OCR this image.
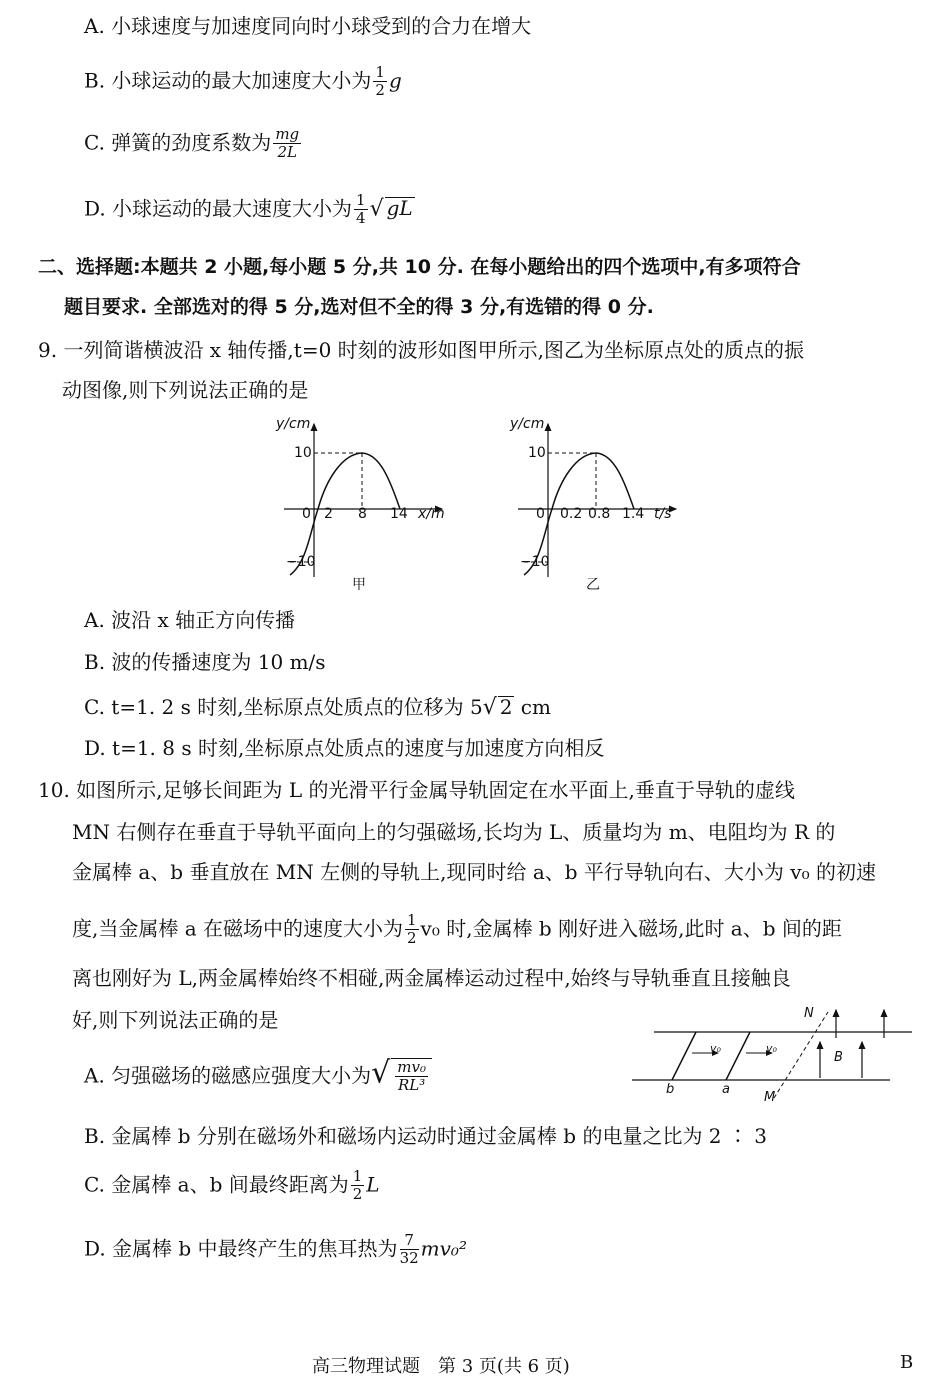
A. 小球速度与加速度同向时小球受到的合力在增大
B. 小球运动的最大加速度大小为 $\frac{1}{2}$ g
C. 弹簧的劲度系数为 $\frac{mg}{2L}$
D. 小球运动的最大速度大小为 $\frac{1}{4}$ √ gL
二、选择题:本题共 2 小题,每小题 5 分,共 10 分. 在每小题给出的四个选项中,有多项符合
题目要求. 全部选对的得 5 分,选对但不全的得 3 分,有选错的得 0 分.
9. 一列简谐横波沿 x 轴传播,t=0 时刻的波形如图甲所示,图乙为坐标原点处的质点的振
动图像,则下列说法正确的是
y/cm
10
−10
0 2 8 14 x/m
甲
y/cm
10
−10
0 0.2 0.8 1.4 t/s
乙
A. 波沿 x 轴正方向传播
B. 波的传播速度为 10 m/s
C. t=1. 2 s 时刻,坐标原点处质点的位移为 5√ 2 cm
D. t=1. 8 s 时刻,坐标原点处质点的速度与加速度方向相反
10. 如图所示,足够长间距为 L 的光滑平行金属导轨固定在水平面上,垂直于导轨的虚线
MN 右侧存在垂直于导轨平面向上的匀强磁场,长均为 L、质量均为 m、电阻均为 R 的
金属棒 a、b 垂直放在 MN 左侧的导轨上,现同时给 a、b 平行导轨向右、大小为 v₀ 的初速
度,当金属棒 a 在磁场中的速度大小为 $\frac{1}{2} v_0$ 时,金属棒 b 刚好进入磁场,此时 a、b 间的距
离也刚好为 L,两金属棒始终不相碰,两金属棒运动过程中,始终与导轨垂直且接触良
好,则下列说法正确的是	N
M
B
a
b
v₀	v₀
A. 匀强磁场的磁感应强度大小为√ $\frac{\text{mv₀}}{\text{RL³}}$
B. 金属棒 b 分别在磁场外和磁场内运动时通过金属棒 b 的电量之比为 2 ∶ 3
C. 金属棒 a、b 间最终距离为 $\frac{1}{2}$ L
D. 金属棒 b 中最终产生的焦耳热为 $\frac{7}{32} mv_0^2$
高三物理试题　第 3 页(共 6 页)	B
